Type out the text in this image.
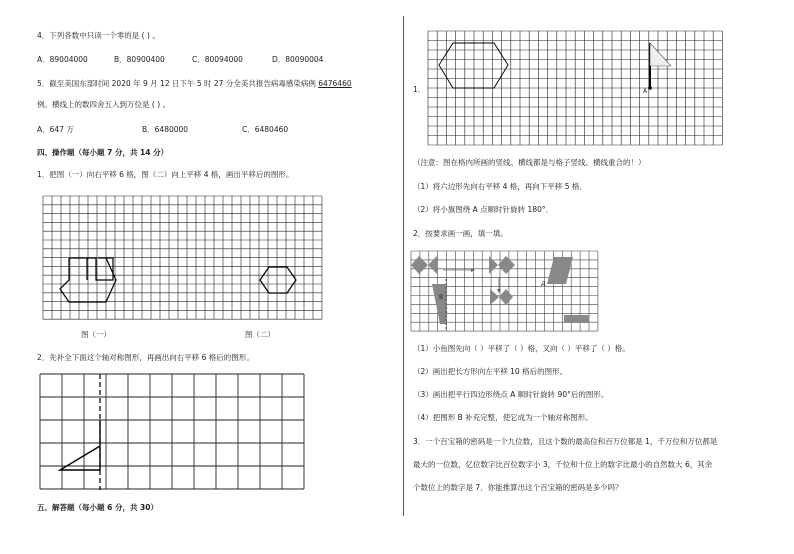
4．下列各数中只读一个零的是 ( ) 。
A．89004000	B．80900400	C．80094000	D．80090004
5．截至美国东部时间 2020 年 9 月 12 日下午 5 时 27 分全美共报告病毒感染病例 6476460
例。横线上的数四舍五入到万位是 ( ) 。
A．647 万	B．6480000	C．6480460
四、操作题（每小题 7 分，共 14 分）
1．把图（一）向右平移 6 格，图（二）向上平移 4 格，画出平移后的图形。
图（一）	图（二）
2．先补全下面这个轴对称图形，再画出向右平移 6 格后的图形。
五、解答题（每小题 6 分，共 30）
1．	A
（注意：图在格内所画的竖线、横线都是与格子竖线、横线重合的！）
（1）将六边形先向右平移 4 格，再向下平移 5 格．
（2）将小旗图绕 A 点顺时针旋转 180°．
2．按要求画一画，填一填。
A
B
（1）小鱼图先向（ ）平移了（ ）格，又向（ ）平移了（ ）格。
（2）画出把长方形向左平移 10 格后的图形。
（3）画出把平行四边形绕点 A 顺时针旋转 90°后的图形。
（4）把图形 B 补充完整，使它成为一个轴对称图形。
3．一个百宝箱的密码是一个九位数，且这个数的最高位和百万位都是 1，千万位和万位都是
最大的一位数，亿位数字比百位数字小 3，千位和十位上的数字比最小的自然数大 6，其余
个数位上的数字是 7．你能推算出这个百宝箱的密码是多少吗？
